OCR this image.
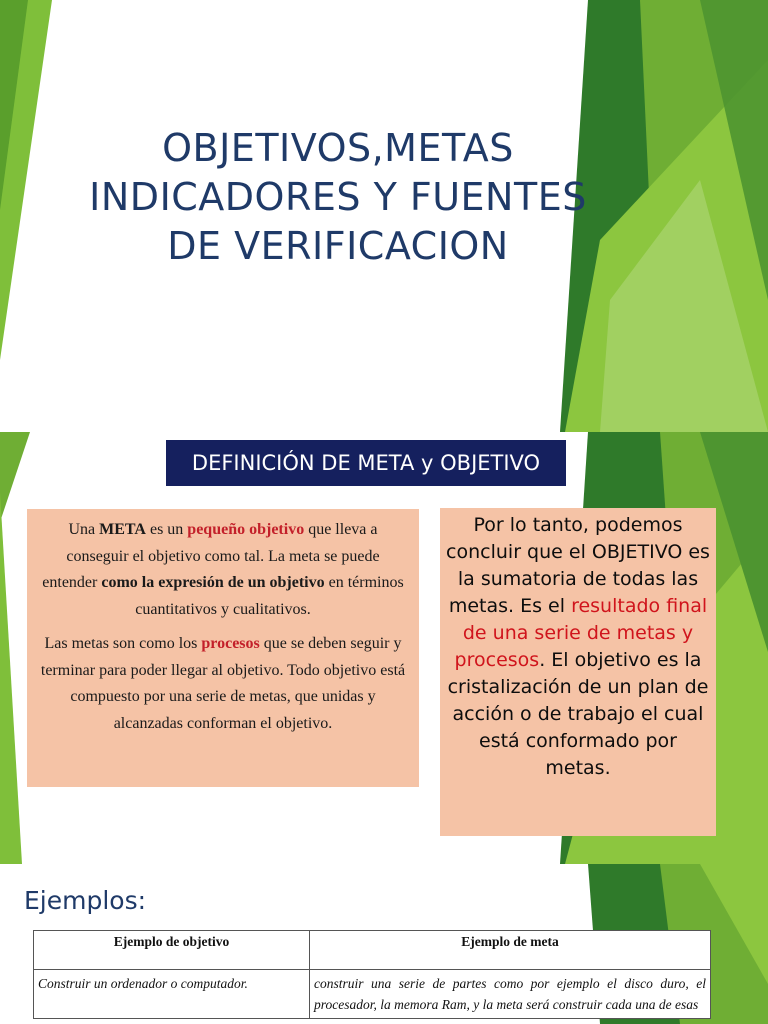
OBJETIVOS,METAS
INDICADORES Y FUENTES
DE VERIFICACION
DEFINICIÓN DE META y OBJETIVO

Una META es un pequeño objetivo que lleva a conseguir el objetivo como tal. La meta se puede entender como la expresión de un objetivo en términos cuantitativos y cualitativos.

Las metas son como los procesos que se deben seguir y terminar para poder llegar al objetivo. Todo objetivo está compuesto por una serie de metas, que unidas y alcanzadas conforman el objetivo.

Por lo tanto, podemos concluir que el OBJETIVO es la sumatoria de todas las metas. Es el resultado final de una serie de metas y procesos. El objetivo es la cristalización de un plan de acción o de trabajo el cual está conformado por metas.

Ejemplos:
Ejemplo de objetivo	Ejemplo de meta
Construir un ordenador o computador.	construir una serie de partes como por ejemplo el disco duro, el procesador, la memora Ram, y la meta será construir cada una de esas
